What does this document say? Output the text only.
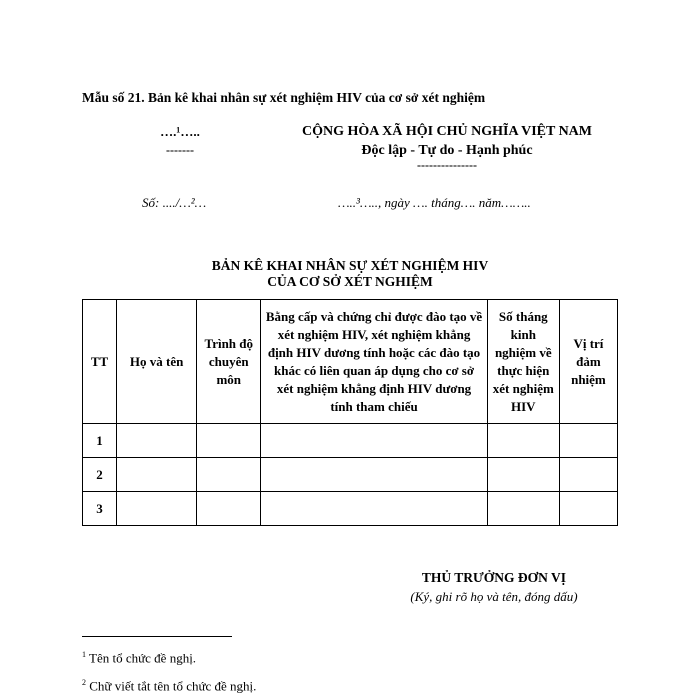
Mẫu số 21. Bản kê khai nhân sự xét nghiệm HIV của cơ sở xét nghiệm
….¹…..
-------
CỘNG HÒA XÃ HỘI CHỦ NGHĨA VIỆT NAM
Độc lập - Tự do - Hạnh phúc
---------------
Số: ..../…²…	…..³….., ngày …. tháng…. năm……..
BẢN KÊ KHAI NHÂN SỰ XÉT NGHIỆM HIV
CỦA CƠ SỞ XÉT NGHIỆM
TT	Họ và tên	Trình độ chuyên môn	Bằng cấp và chứng chỉ được đào tạo về xét nghiệm HIV, xét nghiệm khẳng định HIV dương tính hoặc các đào tạo khác có liên quan áp dụng cho cơ sở xét nghiệm khẳng định HIV dương tính tham chiếu	Số tháng kinh nghiệm về thực hiện xét nghiệm HIV	Vị trí đảm nhiệm
1					
2					
3					
THỦ TRƯỞNG ĐƠN VỊ
(Ký, ghi rõ họ và tên, đóng dấu)
$^1$ Tên tổ chức đề nghị.
$^2$ Chữ viết tắt tên tổ chức đề nghị.
